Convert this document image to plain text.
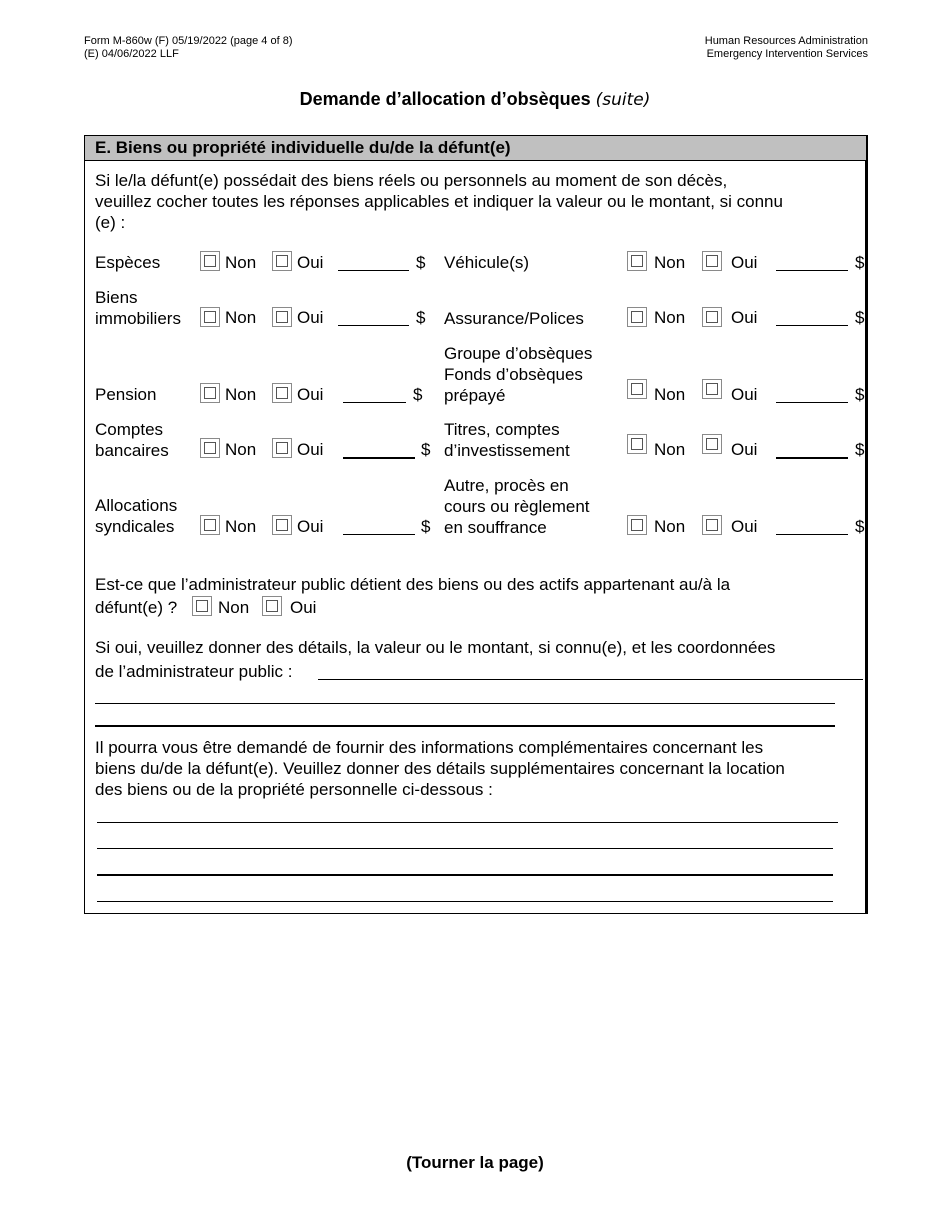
Form M-860w (F) 05/19/2022 (page 4 of 8)
(E) 04/06/2022 LLF
Human Resources Administration
Emergency Intervention Services
Demande d’allocation d’obsèques (suite)
E. Biens ou propriété individuelle du/de la défunt(e)
Si le/la défunt(e) possédait des biens réels ou personnels au moment de son décès,
veuillez cocher toutes les réponses applicables et indiquer la valeur ou le montant, si connu
(e) :
Espèces	Non Oui	$ Véhicule(s)	Non	Oui	$
Biens
immobiliers	Non Oui	$ Assurance/Polices	Non	Oui	$
Pension	Non Oui	$
Groupe d’obsèques
Fonds d’obsèques
prépayé	Non	Oui	$
Comptes
bancaires	Non Oui	$
Titres, comptes
d’investissement	Non	Oui	$
Allocations
syndicales	Non Oui	$
Autre, procès en
cours ou règlement
en souffrance	Non	Oui	$
Est-ce que l’administrateur public détient des biens ou des actifs appartenant au/à la
défunt(e) ? Non Oui
Si oui, veuillez donner des détails, la valeur ou le montant, si connu(e), et les coordonnées
de l’administrateur public :
Il pourra vous être demandé de fournir des informations complémentaires concernant les
biens du/de la défunt(e). Veuillez donner des détails supplémentaires concernant la location
des biens ou de la propriété personnelle ci-dessous :
(Tourner la page)
